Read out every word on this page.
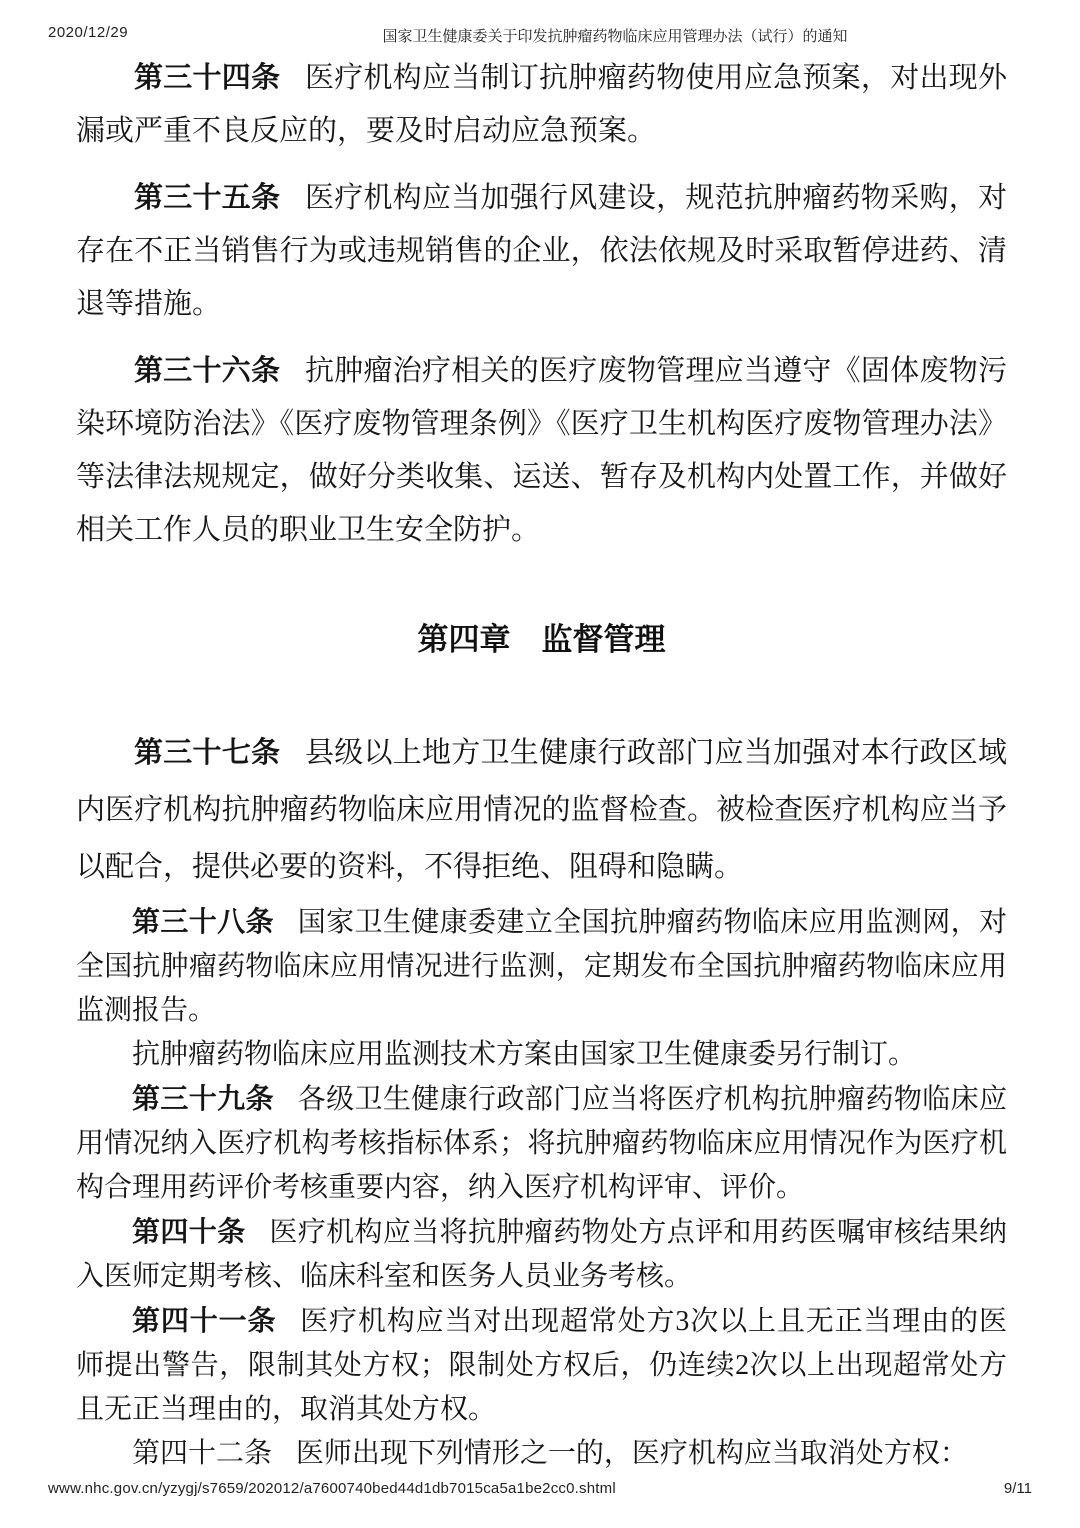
2020/12/29	国家卫生健康委关于印发抗肿瘤药物临床应用管理办法（试行）的通知

第三十四条 医疗机构应当制订抗肿瘤药物使用应急预案，对出现外漏或严重不良反应的，要及时启动应急预案。

第三十五条 医疗机构应当加强行风建设，规范抗肿瘤药物采购，对存在不正当销售行为或违规销售的企业，依法依规及时采取暂停进药、清退等措施。

第三十六条 抗肿瘤治疗相关的医疗废物管理应当遵守《固体废物污染环境防治法》《医疗废物管理条例》《医疗卫生机构医疗废物管理办法》等法律法规规定，做好分类收集、运送、暂存及机构内处置工作，并做好相关工作人员的职业卫生安全防护。

第四章　监督管理

第三十七条 县级以上地方卫生健康行政部门应当加强对本行政区域内医疗机构抗肿瘤药物临床应用情况的监督检查。被检查医疗机构应当予以配合，提供必要的资料，不得拒绝、阻碍和隐瞒。

第三十八条 国家卫生健康委建立全国抗肿瘤药物临床应用监测网，对全国抗肿瘤药物临床应用情况进行监测，定期发布全国抗肿瘤药物临床应用监测报告。

抗肿瘤药物临床应用监测技术方案由国家卫生健康委另行制订。

第三十九条 各级卫生健康行政部门应当将医疗机构抗肿瘤药物临床应用情况纳入医疗机构考核指标体系；将抗肿瘤药物临床应用情况作为医疗机构合理用药评价考核重要内容，纳入医疗机构评审、评价。

第四十条 医疗机构应当将抗肿瘤药物处方点评和用药医嘱审核结果纳入医师定期考核、临床科室和医务人员业务考核。

第四十一条 医疗机构应当对出现超常处方3次以上且无正当理由的医师提出警告，限制其处方权；限制处方权后，仍连续2次以上出现超常处方且无正当理由的，取消其处方权。

第四十二条 医师出现下列情形之一的，医疗机构应当取消处方权：

www.nhc.gov.cn/yzygj/s7659/202012/a7600740bed44d1db7015ca5a1be2cc0.shtml	9/11
